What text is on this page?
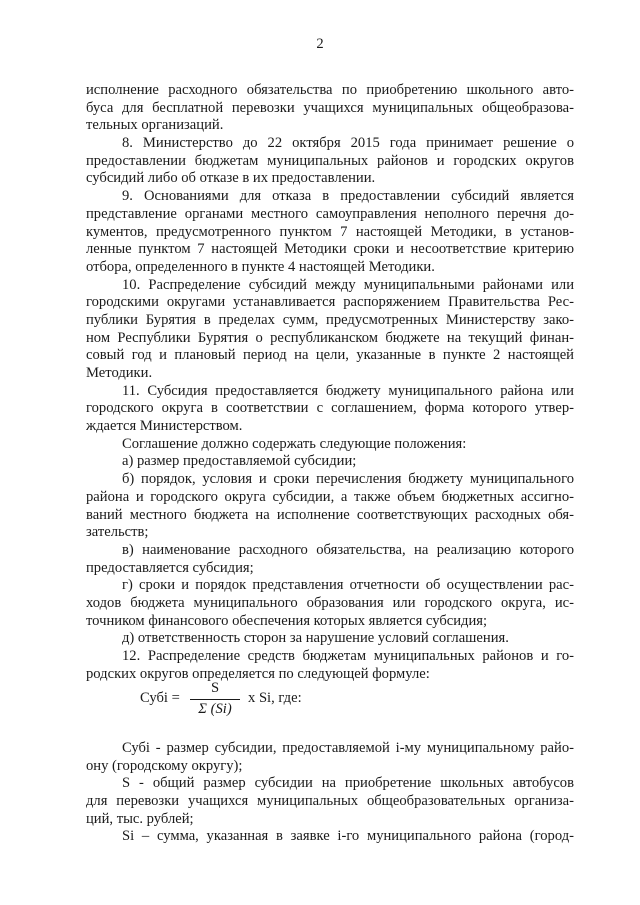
2
исполнение расходного обязательства по приобретению школьного авто-
буса для бесплатной перевозки учащихся муниципальных общеобразова-
тельных организаций.
8. Министерство до 22 октября 2015 года принимает решение о
предоставлении бюджетам муниципальных районов и городских округов
субсидий либо об отказе в их предоставлении.
9. Основаниями для отказа в предоставлении субсидий является
представление органами местного самоуправления неполного перечня до-
кументов, предусмотренного пунктом 7 настоящей Методики, в установ-
ленные пунктом 7 настоящей Методики сроки и несоответствие критерию
отбора, определенного в пункте 4 настоящей Методики.
10. Распределение субсидий между муниципальными районами или
городскими округами устанавливается распоряжением Правительства Рес-
публики Бурятия в пределах сумм, предусмотренных Министерству зако-
ном Республики Бурятия о республиканском бюджете на текущий финан-
совый год и плановый период на цели, указанные в пункте 2 настоящей
Методики.
11. Субсидия предоставляется бюджету муниципального района или
городского округа в соответствии с соглашением, форма которого утвер-
ждается Министерством.
Соглашение должно содержать следующие положения:
а) размер предоставляемой субсидии;
б) порядок, условия и сроки перечисления бюджету муниципального
района и городского округа субсидии, а также объем бюджетных ассигно-
ваний местного бюджета на исполнение соответствующих расходных обя-
зательств;
в) наименование расходного обязательства, на реализацию которого
предоставляется субсидия;
г) сроки и порядок представления отчетности об осуществлении рас-
ходов бюджета муниципального образования или городского округа, ис-
точником финансового обеспечения которых является субсидия;
д) ответственность сторон за нарушение условий соглашения.
12. Распределение средств бюджетам муниципальных районов и го-
родских округов определяется по следующей формуле:
Субi =
S
Σ (Si)
x Si, где:
Субi - размер субсидии, предоставляемой i-му муниципальному райо-
ону (городскому округу);
S - общий размер субсидии на приобретение школьных автобусов
для перевозки учащихся муниципальных общеобразовательных организа-
ций, тыс. рублей;
Si – сумма, указанная в заявке i-го муниципального района (город-
